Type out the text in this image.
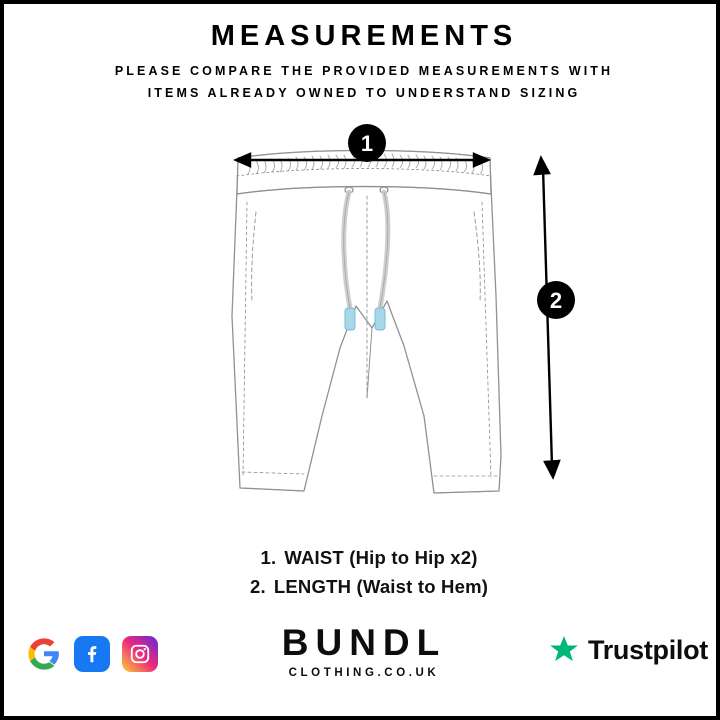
MEASUREMENTS
PLEASE COMPARE THE PROVIDED MEASUREMENTS WITH
ITEMS ALREADY OWNED TO UNDERSTAND SIZING
1
2
1. WAIST (Hip to Hip x2)
2. LENGTH (Waist to Hem)
BUNDL
CLOTHING.CO.UK
Trustpilot
